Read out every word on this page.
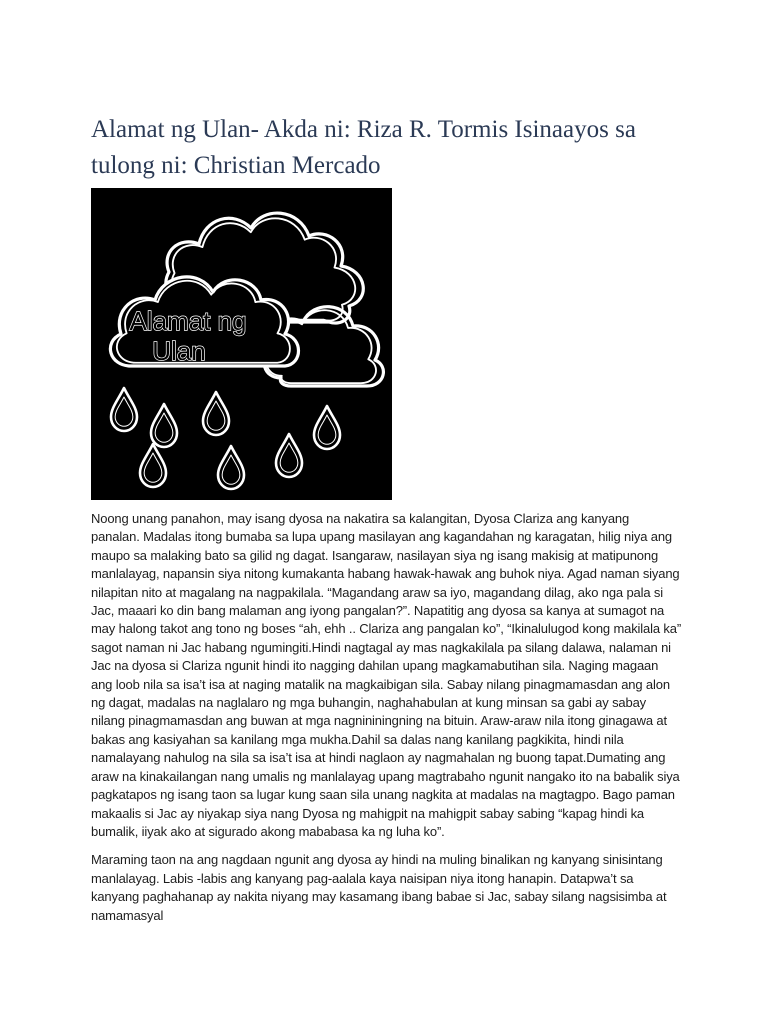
Alamat ng Ulan- Akda ni: Riza R. Tormis Isinaayos sa tulong ni: Christian Mercado
Alamat ng
Ulan

Noong unang panahon, may isang dyosa na nakatira sa kalangitan, Dyosa Clariza ang kanyang panalan. Madalas itong bumaba sa lupa upang masilayan ang kagandahan ng karagatan, hilig niya ang maupo sa malaking bato sa gilid ng dagat. Isangaraw, nasilayan siya ng isang makisig at matipunong manlalayag, napansin siya nitong kumakanta habang hawak-hawak ang buhok niya. Agad naman siyang nilapitan nito at magalang na nagpakilala. “Magandang araw sa iyo, magandang dilag, ako nga pala si Jac, maaari ko din bang malaman ang iyong pangalan?”. Napatitig ang dyosa sa kanya at sumagot na may halong takot ang tono ng boses “ah, ehh .. Clariza ang pangalan ko”, “Ikinalulugod kong makilala ka” sagot naman ni Jac habang ngumingiti.Hindi nagtagal ay mas nagkakilala pa silang dalawa, nalaman ni Jac na dyosa si Clariza ngunit hindi ito nagging dahilan upang magkamabutihan sila. Naging magaan ang loob nila sa isa’t isa at naging matalik na magkaibigan sila. Sabay nilang pinagmamasdan ang alon ng dagat, madalas na naglalaro ng mga buhangin, naghahabulan at kung minsan sa gabi ay sabay nilang pinagmamasdan ang buwan at mga nagnininingning na bituin. Araw-araw nila itong ginagawa at bakas ang kasiyahan sa kanilang mga mukha.Dahil sa dalas nang kanilang pagkikita, hindi nila namalayang nahulog na sila sa isa’t isa at hindi naglaon ay nagmahalan ng buong tapat.Dumating ang araw na kinakailangan nang umalis ng manlalayag upang magtrabaho ngunit nangako ito na babalik siya pagkatapos ng isang taon sa lugar kung saan sila unang nagkita at madalas na magtagpo. Bago paman makaalis si Jac ay niyakap siya nang Dyosa ng mahigpit na mahigpit sabay sabing “kapag hindi ka bumalik, iiyak ako at sigurado akong mababasa ka ng luha ko”.

Maraming taon na ang nagdaan ngunit ang dyosa ay hindi na muling binalikan ng kanyang sinisintang manlalayag. Labis -labis ang kanyang pag-aalala kaya naisipan niya itong hanapin. Datapwa’t sa kanyang paghahanap ay nakita niyang may kasamang ibang babae si Jac, sabay silang nagsisimba at namamasyal
